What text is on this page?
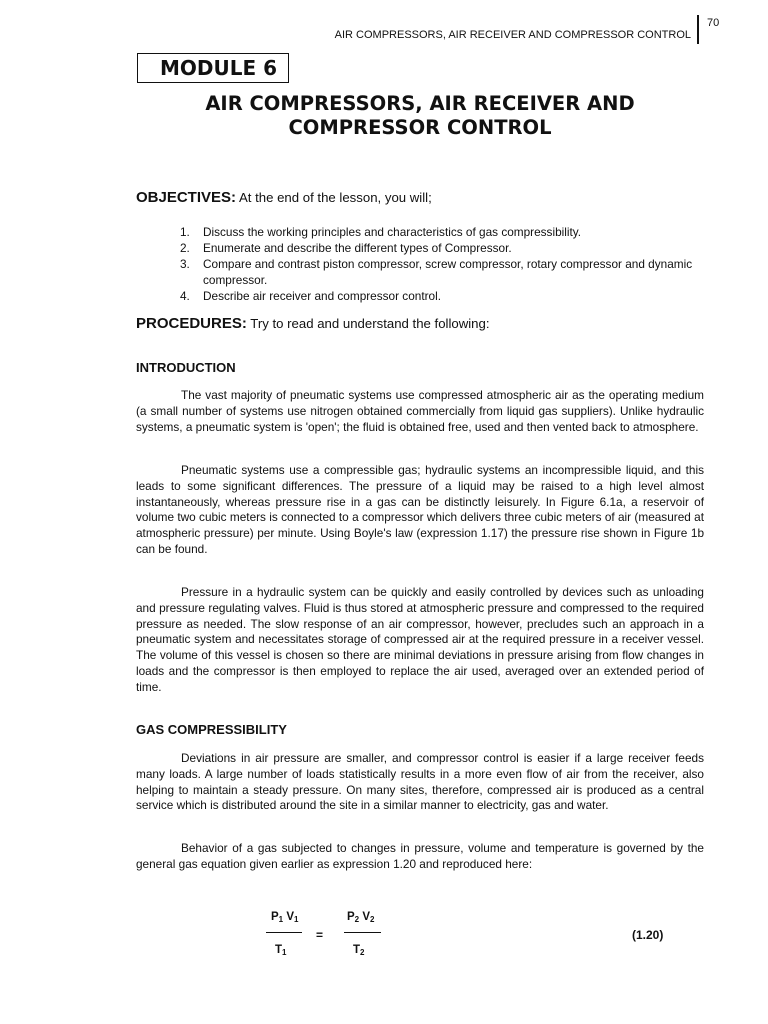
70
AIR COMPRESSORS, AIR RECEIVER AND COMPRESSOR CONTROL
MODULE 6
AIR COMPRESSORS, AIR RECEIVER AND COMPRESSOR CONTROL
OBJECTIVES: At the end of the lesson, you will;
1. Discuss the working principles and characteristics of gas compressibility.
2. Enumerate and describe the different types of Compressor.
3. Compare and contrast piston compressor, screw compressor, rotary compressor and dynamic compressor.
4. Describe air receiver and compressor control.
PROCEDURES: Try to read and understand the following:
INTRODUCTION

The vast majority of pneumatic systems use compressed atmospheric air as the operating medium (a small number of systems use nitrogen obtained commercially from liquid gas suppliers). Unlike hydraulic systems, a pneumatic system is 'open'; the fluid is obtained free, used and then vented back to atmosphere.

Pneumatic systems use a compressible gas; hydraulic systems an incompressible liquid, and this leads to some significant differences. The pressure of a liquid may be raised to a high level almost instantaneously, whereas pressure rise in a gas can be distinctly leisurely. In Figure 6.1a, a reservoir of volume two cubic meters is connected to a compressor which delivers three cubic meters of air (measured at atmospheric pressure) per minute. Using Boyle's law (expression 1.17) the pressure rise shown in Figure 1b can be found.

Pressure in a hydraulic system can be quickly and easily controlled by devices such as unloading and pressure regulating valves. Fluid is thus stored at atmospheric pressure and compressed to the required pressure as needed. The slow response of an air compressor, however, precludes such an approach in a pneumatic system and necessitates storage of compressed air at the required pressure in a receiver vessel. The volume of this vessel is chosen so there are minimal deviations in pressure arising from flow changes in loads and the compressor is then employed to replace the air used, averaged over an extended period of time.

GAS COMPRESSIBILITY

Deviations in air pressure are smaller, and compressor control is easier if a large receiver feeds many loads. A large number of loads statistically results in a more even flow of air from the receiver, also helping to maintain a steady pressure. On many sites, therefore, compressed air is produced as a central service which is distributed around the site in a similar manner to electricity, gas and water.

Behavior of a gas subjected to changes in pressure, volume and temperature is governed by the general gas equation given earlier as expression 1.20 and reproduced here:

$P_1$ $V_1$
$T_1$
=
$P_2$ $V_2$
$T_2$
(1.20)
